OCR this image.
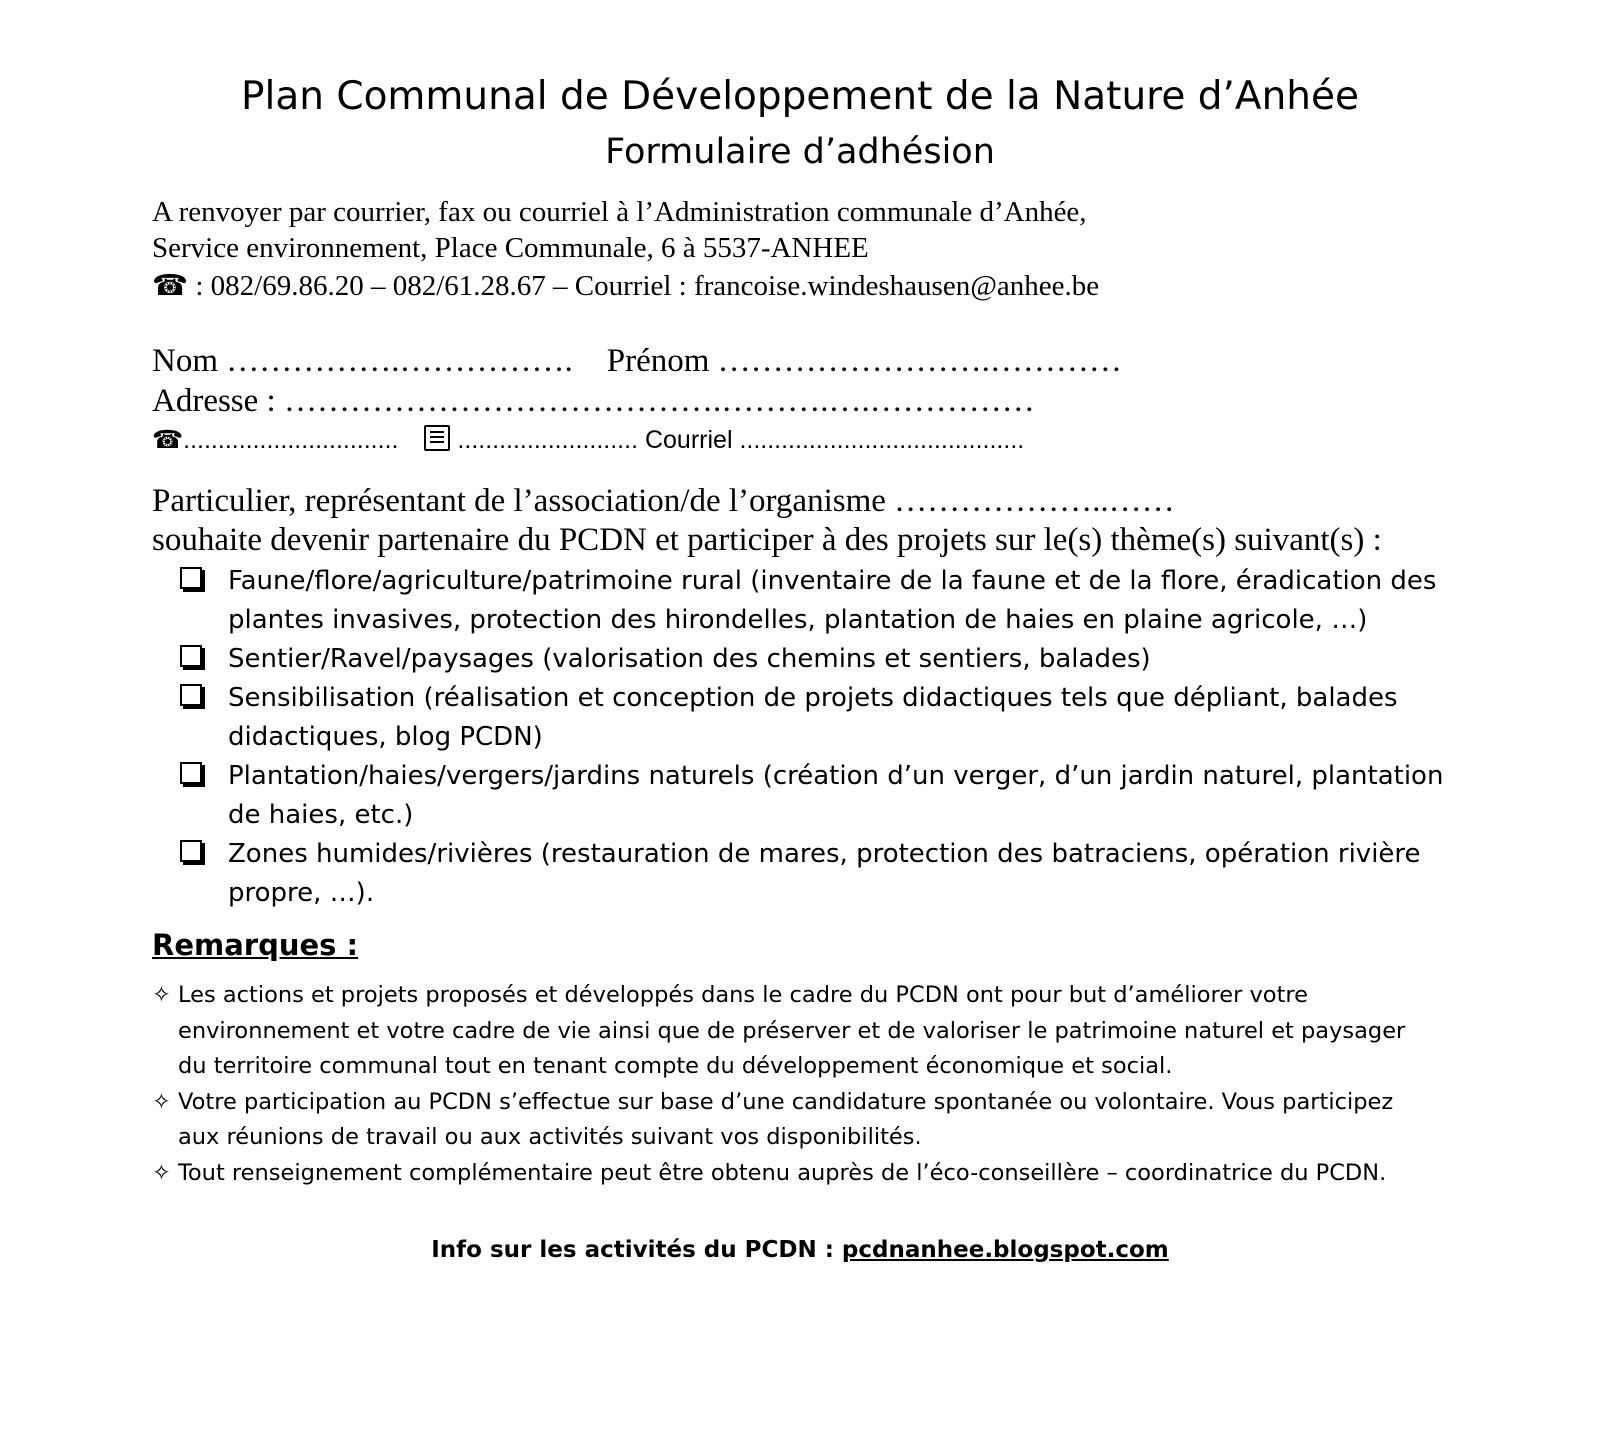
Plan Communal de Développement de la Nature d’Anhée
Formulaire d’adhésion
A renvoyer par courrier, fax ou courriel à l’Administration communale d’Anhée,
Service environnement, Place Communale, 6 à 5537-ANHEE
☎ : 082/69.86.20 – 082/61.28.67 – Courriel : francoise.windeshausen@anhee.be
Nom …………….……………. Prénom …………………….…………
Adresse : ………………………………….……….….……………
☎............................... .......................... Courriel .........................................
Particulier, représentant de l’association/de l’organisme ………………..……
souhaite devenir partenaire du PCDN et participer à des projets sur le(s) thème(s) suivant(s) :
Faune/flore/agriculture/patrimoine rural (inventaire de la faune et de la flore, éradication des plantes invasives, protection des hirondelles, plantation de haies en plaine agricole, …)
Sentier/Ravel/paysages (valorisation des chemins et sentiers, balades)
Sensibilisation (réalisation et conception de projets didactiques tels que dépliant, balades didactiques, blog PCDN)
Plantation/haies/vergers/jardins naturels (création d’un verger, d’un jardin naturel, plantation de haies, etc.)
Zones humides/rivières (restauration de mares, protection des batraciens, opération rivière propre, …).
Remarques :
✧ Les actions et projets proposés et développés dans le cadre du PCDN ont pour but d’améliorer votre environnement et votre cadre de vie ainsi que de préserver et de valoriser le patrimoine naturel et paysager du territoire communal tout en tenant compte du développement économique et social.
✧ Votre participation au PCDN s’effectue sur base d’une candidature spontanée ou volontaire. Vous participez aux réunions de travail ou aux activités suivant vos disponibilités.
✧ Tout renseignement complémentaire peut être obtenu auprès de l’éco-conseillère – coordinatrice du PCDN.
Info sur les activités du PCDN : pcdnanhee.blogspot.com
